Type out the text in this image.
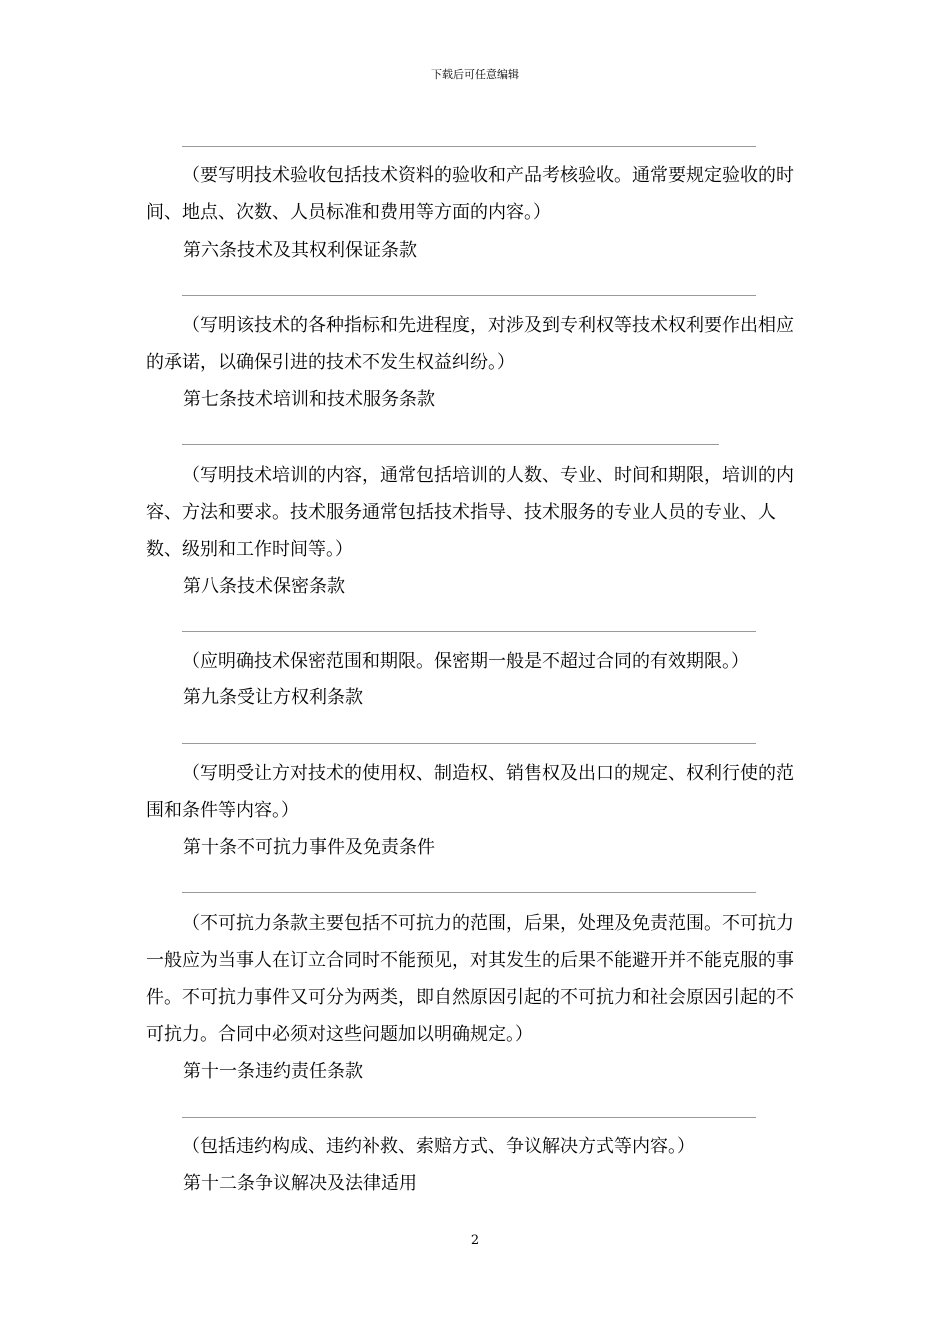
下载后可任意编辑

（要写明技术验收包括技术资料的验收和产品考核验收。通常要规定验收的时间、地点、次数、人员标准和费用等方面的内容。）

第六条技术及其权利保证条款

（写明该技术的各种指标和先进程度，对涉及到专利权等技术权利要作出相应的承诺，以确保引进的技术不发生权益纠纷。）

第七条技术培训和技术服务条款

（写明技术培训的内容，通常包括培训的人数、专业、时间和期限，培训的内容、方法和要求。技术服务通常包括技术指导、技术服务的专业人员的专业、人数、级别和工作时间等。）

第八条技术保密条款

（应明确技术保密范围和期限。保密期一般是不超过合同的有效期限。）

第九条受让方权利条款

（写明受让方对技术的使用权、制造权、销售权及出口的规定、权利行使的范围和条件等内容。）

第十条不可抗力事件及免责条件

（不可抗力条款主要包括不可抗力的范围，后果，处理及免责范围。不可抗力一般应为当事人在订立合同时不能预见，对其发生的后果不能避开并不能克服的事件。不可抗力事件又可分为两类，即自然原因引起的不可抗力和社会原因引起的不可抗力。合同中必须对这些问题加以明确规定。）

第十一条违约责任条款

（包括违约构成、违约补救、索赔方式、争议解决方式等内容。）

第十二条争议解决及法律适用

2
